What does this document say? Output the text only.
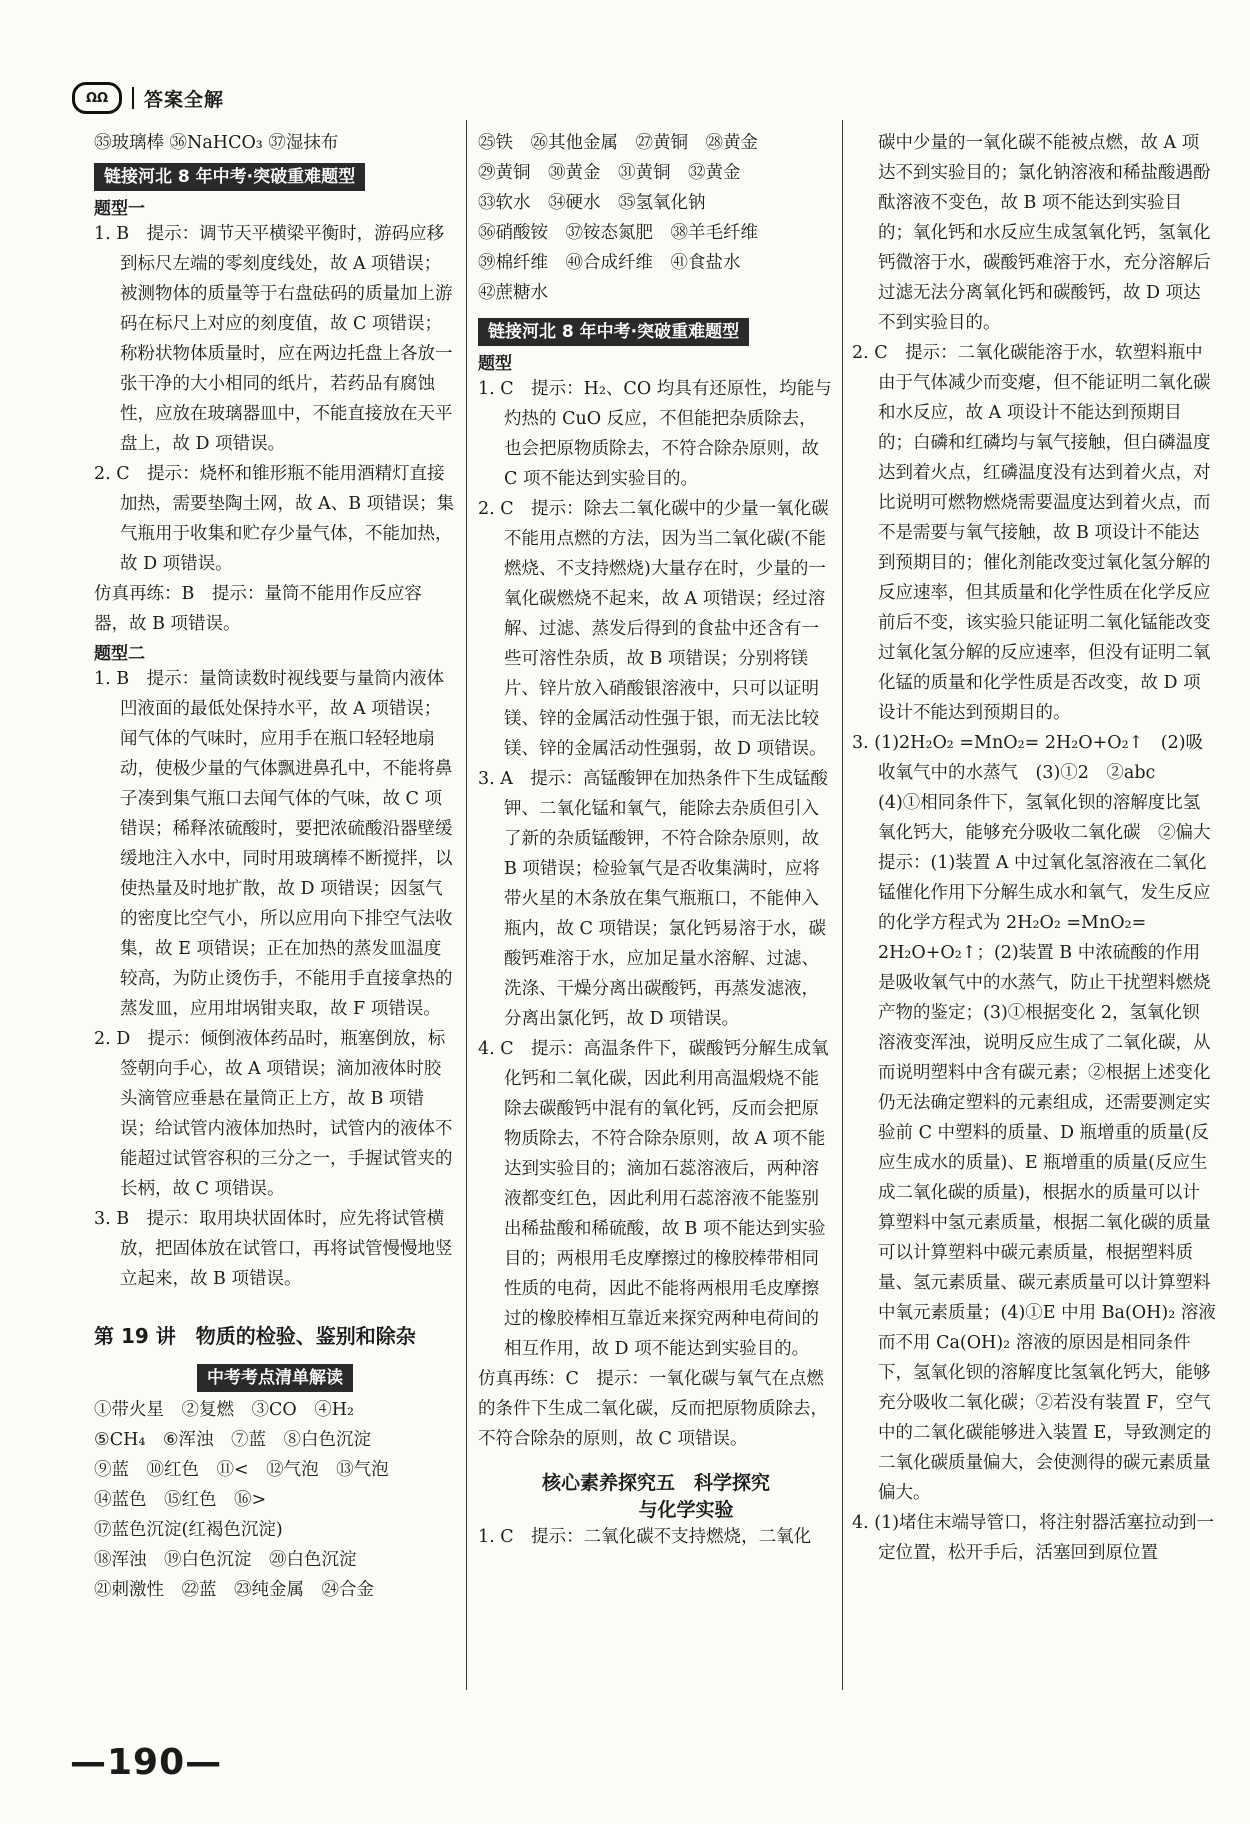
ΩΩ	答案全解

㉟玻璃棒 ㊱NaHCO₃ ㊲湿抹布

链接河北 8 年中考·突破重难题型

题型一

1. B　提示：调节天平横梁平衡时，游码应移到标尺左端的零刻度线处，故 A 项错误；被测物体的质量等于右盘砝码的质量加上游码在标尺上对应的刻度值，故 C 项错误；称粉状物体质量时，应在两边托盘上各放一张干净的大小相同的纸片，若药品有腐蚀性，应放在玻璃器皿中，不能直接放在天平盘上，故 D 项错误。

2. C　提示：烧杯和锥形瓶不能用酒精灯直接加热，需要垫陶土网，故 A、B 项错误；集气瓶用于收集和贮存少量气体，不能加热，故 D 项错误。

仿真再练：B　提示：量筒不能用作反应容器，故 B 项错误。

题型二

1. B　提示：量筒读数时视线要与量筒内液体凹液面的最低处保持水平，故 A 项错误；闻气体的气味时，应用手在瓶口轻轻地扇动，使极少量的气体飘进鼻孔中，不能将鼻子凑到集气瓶口去闻气体的气味，故 C 项错误；稀释浓硫酸时，要把浓硫酸沿器壁缓缓地注入水中，同时用玻璃棒不断搅拌，以使热量及时地扩散，故 D 项错误；因氢气的密度比空气小，所以应用向下排空气法收集，故 E 项错误；正在加热的蒸发皿温度较高，为防止烫伤手，不能用手直接拿热的蒸发皿，应用坩埚钳夹取，故 F 项错误。

2. D　提示：倾倒液体药品时，瓶塞倒放，标签朝向手心，故 A 项错误；滴加液体时胶头滴管应垂悬在量筒正上方，故 B 项错误；给试管内液体加热时，试管内的液体不能超过试管容积的三分之一，手握试管夹的长柄，故 C 项错误。

3. B　提示：取用块状固体时，应先将试管横放，把固体放在试管口，再将试管慢慢地竖立起来，故 B 项错误。

第 19 讲　物质的检验、鉴别和除杂
中考考点清单解读

①带火星　②复燃　③CO　④H₂

⑤CH₄　⑥浑浊　⑦蓝　⑧白色沉淀

⑨蓝　⑩红色　⑪<　⑫气泡　⑬气泡

⑭蓝色　⑮红色　⑯>

⑰蓝色沉淀(红褐色沉淀)

⑱浑浊　⑲白色沉淀　⑳白色沉淀

㉑刺激性　㉒蓝　㉓纯金属　㉔合金

㉕铁　㉖其他金属　㉗黄铜　㉘黄金

㉙黄铜　㉚黄金　㉛黄铜　㉜黄金

㉝软水　㉞硬水　㉟氢氧化钠

㊱硝酸铵　㊲铵态氮肥　㊳羊毛纤维

㊴棉纤维　㊵合成纤维　㊶食盐水

㊷蔗糖水

链接河北 8 年中考·突破重难题型

题型

1. C　提示：H₂、CO 均具有还原性，均能与灼热的 CuO 反应，不但能把杂质除去，也会把原物质除去，不符合除杂原则，故 C 项不能达到实验目的。

2. C　提示：除去二氧化碳中的少量一氧化碳不能用点燃的方法，因为当二氧化碳(不能燃烧、不支持燃烧)大量存在时，少量的一氧化碳燃烧不起来，故 A 项错误；经过溶解、过滤、蒸发后得到的食盐中还含有一些可溶性杂质，故 B 项错误；分别将镁片、锌片放入硝酸银溶液中，只可以证明镁、锌的金属活动性强于银，而无法比较镁、锌的金属活动性强弱，故 D 项错误。

3. A　提示：高锰酸钾在加热条件下生成锰酸钾、二氧化锰和氧气，能除去杂质但引入了新的杂质锰酸钾，不符合除杂原则，故 B 项错误；检验氧气是否收集满时，应将带火星的木条放在集气瓶瓶口，不能伸入瓶内，故 C 项错误；氯化钙易溶于水，碳酸钙难溶于水，应加足量水溶解、过滤、洗涤、干燥分离出碳酸钙，再蒸发滤液，分离出氯化钙，故 D 项错误。

4. C　提示：高温条件下，碳酸钙分解生成氧化钙和二氧化碳，因此利用高温煅烧不能除去碳酸钙中混有的氧化钙，反而会把原物质除去，不符合除杂原则，故 A 项不能达到实验目的；滴加石蕊溶液后，两种溶液都变红色，因此利用石蕊溶液不能鉴别出稀盐酸和稀硫酸，故 B 项不能达到实验目的；两根用毛皮摩擦过的橡胶棒带相同性质的电荷，因此不能将两根用毛皮摩擦过的橡胶棒相互靠近来探究两种电荷间的相互作用，故 D 项不能达到实验目的。

仿真再练：C　提示：一氧化碳与氧气在点燃的条件下生成二氧化碳，反而把原物质除去，不符合除杂的原则，故 C 项错误。

核心素养探究五　科学探究

与化学实验

1. C　提示：二氧化碳不支持燃烧，二氧化

碳中少量的一氧化碳不能被点燃，故 A 项达不到实验目的；氯化钠溶液和稀盐酸遇酚酞溶液不变色，故 B 项不能达到实验目的；氧化钙和水反应生成氢氧化钙，氢氧化钙微溶于水，碳酸钙难溶于水，充分溶解后过滤无法分离氧化钙和碳酸钙，故 D 项达不到实验目的。

2. C　提示：二氧化碳能溶于水，软塑料瓶中由于气体减少而变瘪，但不能证明二氧化碳和水反应，故 A 项设计不能达到预期目的；白磷和红磷均与氧气接触，但白磷温度达到着火点，红磷温度没有达到着火点，对比说明可燃物燃烧需要温度达到着火点，而不是需要与氧气接触，故 B 项设计不能达到预期目的；催化剂能改变过氧化氢分解的反应速率，但其质量和化学性质在化学反应前后不变，该实验只能证明二氧化锰能改变过氧化氢分解的反应速率，但没有证明二氧化锰的质量和化学性质是否改变，故 D 项设计不能达到预期目的。

3. (1)2H₂O₂ =MnO₂= 2H₂O+O₂↑　(2)吸收氧气中的水蒸气　(3)①2　②abc

(4)①相同条件下，氢氧化钡的溶解度比氢氧化钙大，能够充分吸收二氧化碳　②偏大

提示：(1)装置 A 中过氧化氢溶液在二氧化锰催化作用下分解生成水和氧气，发生反应的化学方程式为 2H₂O₂ =MnO₂= 2H₂O+O₂↑；(2)装置 B 中浓硫酸的作用是吸收氧气中的水蒸气，防止干扰塑料燃烧产物的鉴定；(3)①根据变化 2，氢氧化钡溶液变浑浊，说明反应生成了二氧化碳，从而说明塑料中含有碳元素；②根据上述变化仍无法确定塑料的元素组成，还需要测定实验前 C 中塑料的质量、D 瓶增重的质量(反应生成水的质量)、E 瓶增重的质量(反应生成二氧化碳的质量)，根据水的质量可以计算塑料中氢元素质量，根据二氧化碳的质量可以计算塑料中碳元素质量，根据塑料质量、氢元素质量、碳元素质量可以计算塑料中氧元素质量；(4)①E 中用 Ba(OH)₂ 溶液而不用 Ca(OH)₂ 溶液的原因是相同条件下，氢氧化钡的溶解度比氢氧化钙大，能够充分吸收二氧化碳；②若没有装置 F，空气中的二氧化碳能够进入装置 E，导致测定的二氧化碳质量偏大，会使测得的碳元素质量偏大。

4. (1)堵住末端导管口，将注射器活塞拉动到一定位置，松开手后，活塞回到原位置

—190—
